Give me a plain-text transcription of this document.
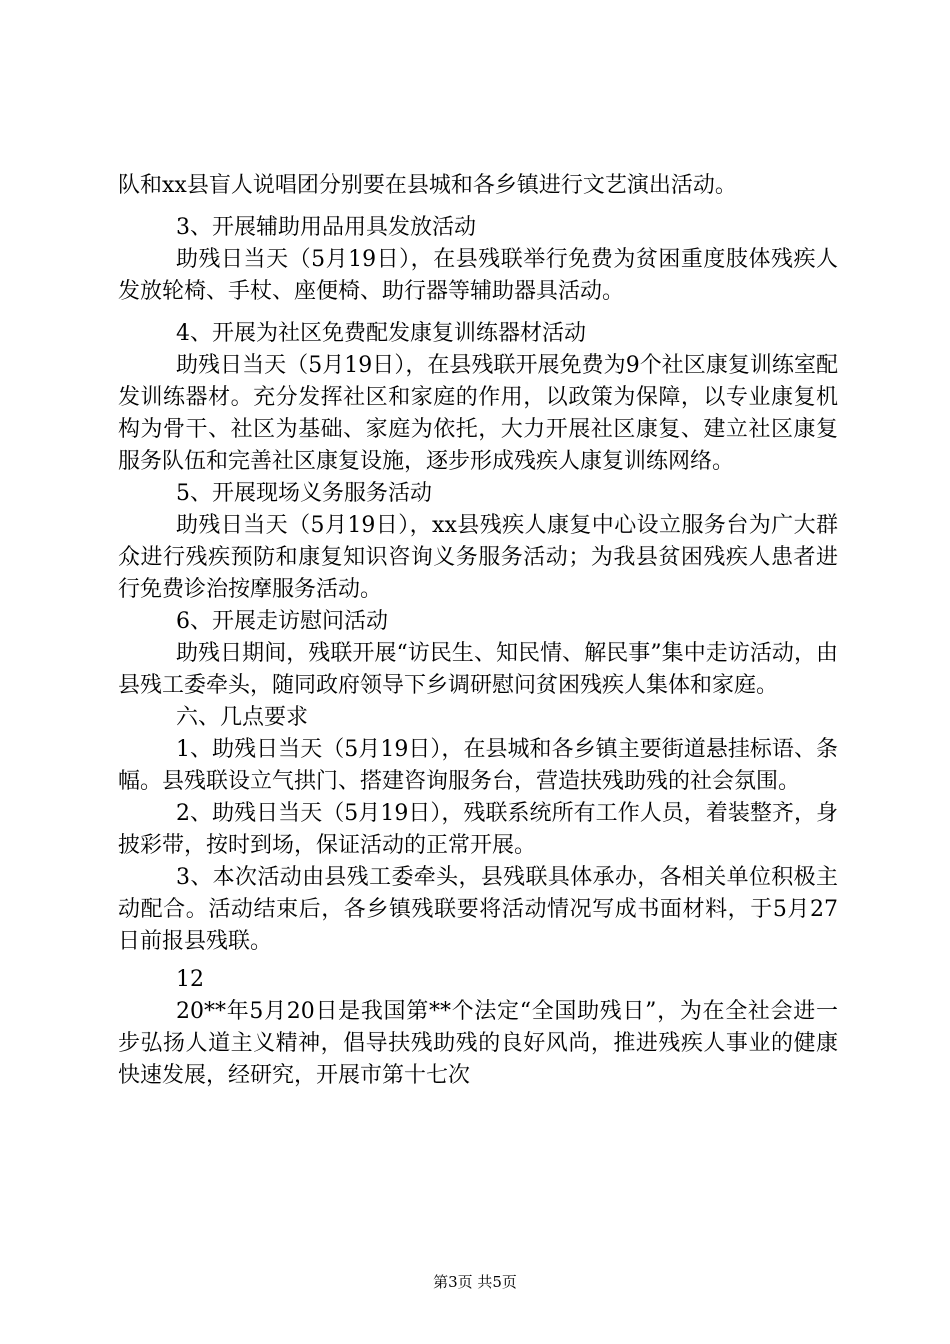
队和xx县盲人说唱团分别要在县城和各乡镇进行文艺演出活动。

3、开展辅助用品用具发放活动

助残日当天（5月19日），在县残联举行免费为贫困重度肢体残疾人发放轮椅、手杖、座便椅、助行器等辅助器具活动。

4、开展为社区免费配发康复训练器材活动

助残日当天（5月19日），在县残联开展免费为9个社区康复训练室配发训练器材。充分发挥社区和家庭的作用，以政策为保障，以专业康复机构为骨干、社区为基础、家庭为依托，大力开展社区康复、建立社区康复服务队伍和完善社区康复设施，逐步形成残疾人康复训练网络。

5、开展现场义务服务活动

助残日当天（5月19日），xx县残疾人康复中心设立服务台为广大群众进行残疾预防和康复知识咨询义务服务活动；为我县贫困残疾人患者进行免费诊治按摩服务活动。

6、开展走访慰问活动

助残日期间，残联开展“访民生、知民情、解民事”集中走访活动，由县残工委牵头，随同政府领导下乡调研慰问贫困残疾人集体和家庭。

六、几点要求

1、助残日当天（5月19日），在县城和各乡镇主要街道悬挂标语、条幅。县残联设立气拱门、搭建咨询服务台，营造扶残助残的社会氛围。

2、助残日当天（5月19日），残联系统所有工作人员，着装整齐，身披彩带，按时到场，保证活动的正常开展。

3、本次活动由县残工委牵头，县残联具体承办，各相关单位积极主动配合。活动结束后，各乡镇残联要将活动情况写成书面材料，于5月27日前报县残联。

12

20**年5月20日是我国第**个法定“全国助残日”，为在全社会进一步弘扬人道主义精神，倡导扶残助残的良好风尚，推进残疾人事业的健康快速发展，经研究，开展市第十七次

第3页 共5页
